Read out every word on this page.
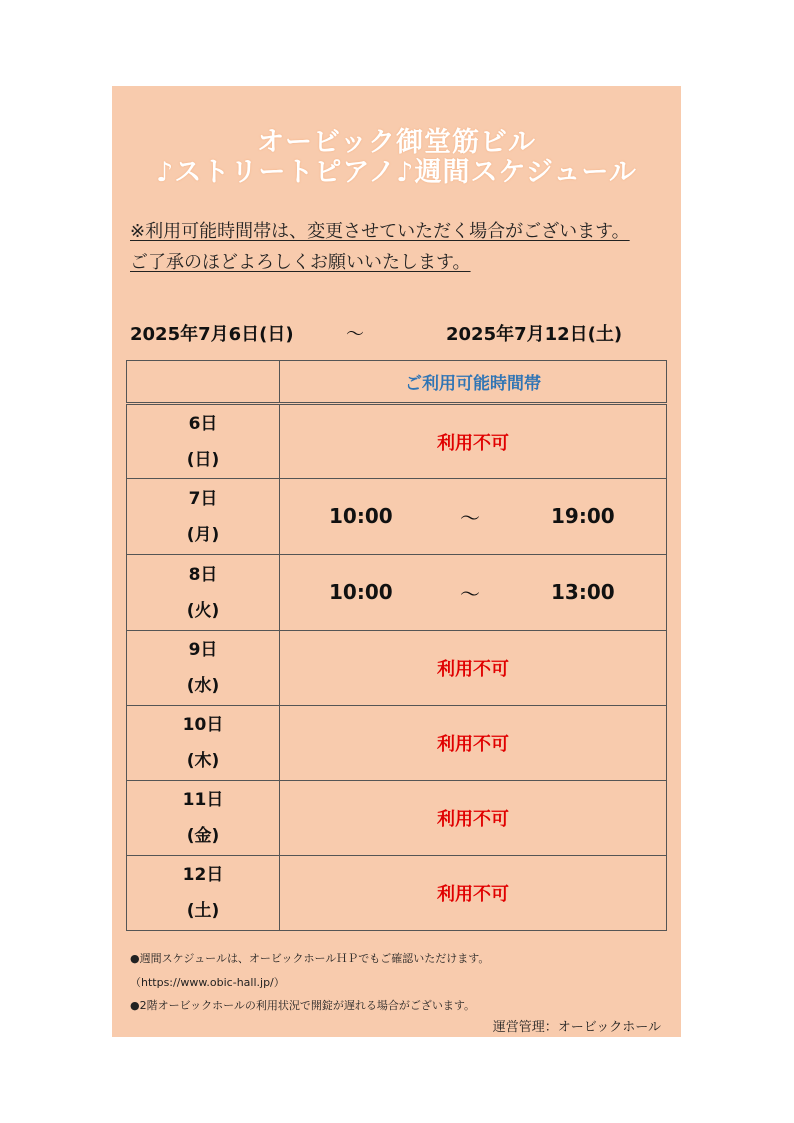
オービック御堂筋ビル
♪ストリートピアノ♪週間スケジュール
※利用可能時間帯は、変更させていただく場合がございます。
ご了承のほどよろしくお願いいたします。
2025年7月6日(日)	～	2025年7月12日(土)
	ご利用可能時間帯

6日
(日)	利用不可

7日
(月)	10:00 ～ 19:00

8日
(火)	10:00 ～ 13:00

9日
(水)	利用不可

10日
(木)	利用不可

11日
(金)	利用不可

12日
(土)	利用不可
●週間スケジュールは、オービックホールＨＰでもご確認いただけます。
（https://www.obic-hall.jp/）
●2階オービックホールの利用状況で開錠が遅れる場合がございます。
運営管理：オービックホール
